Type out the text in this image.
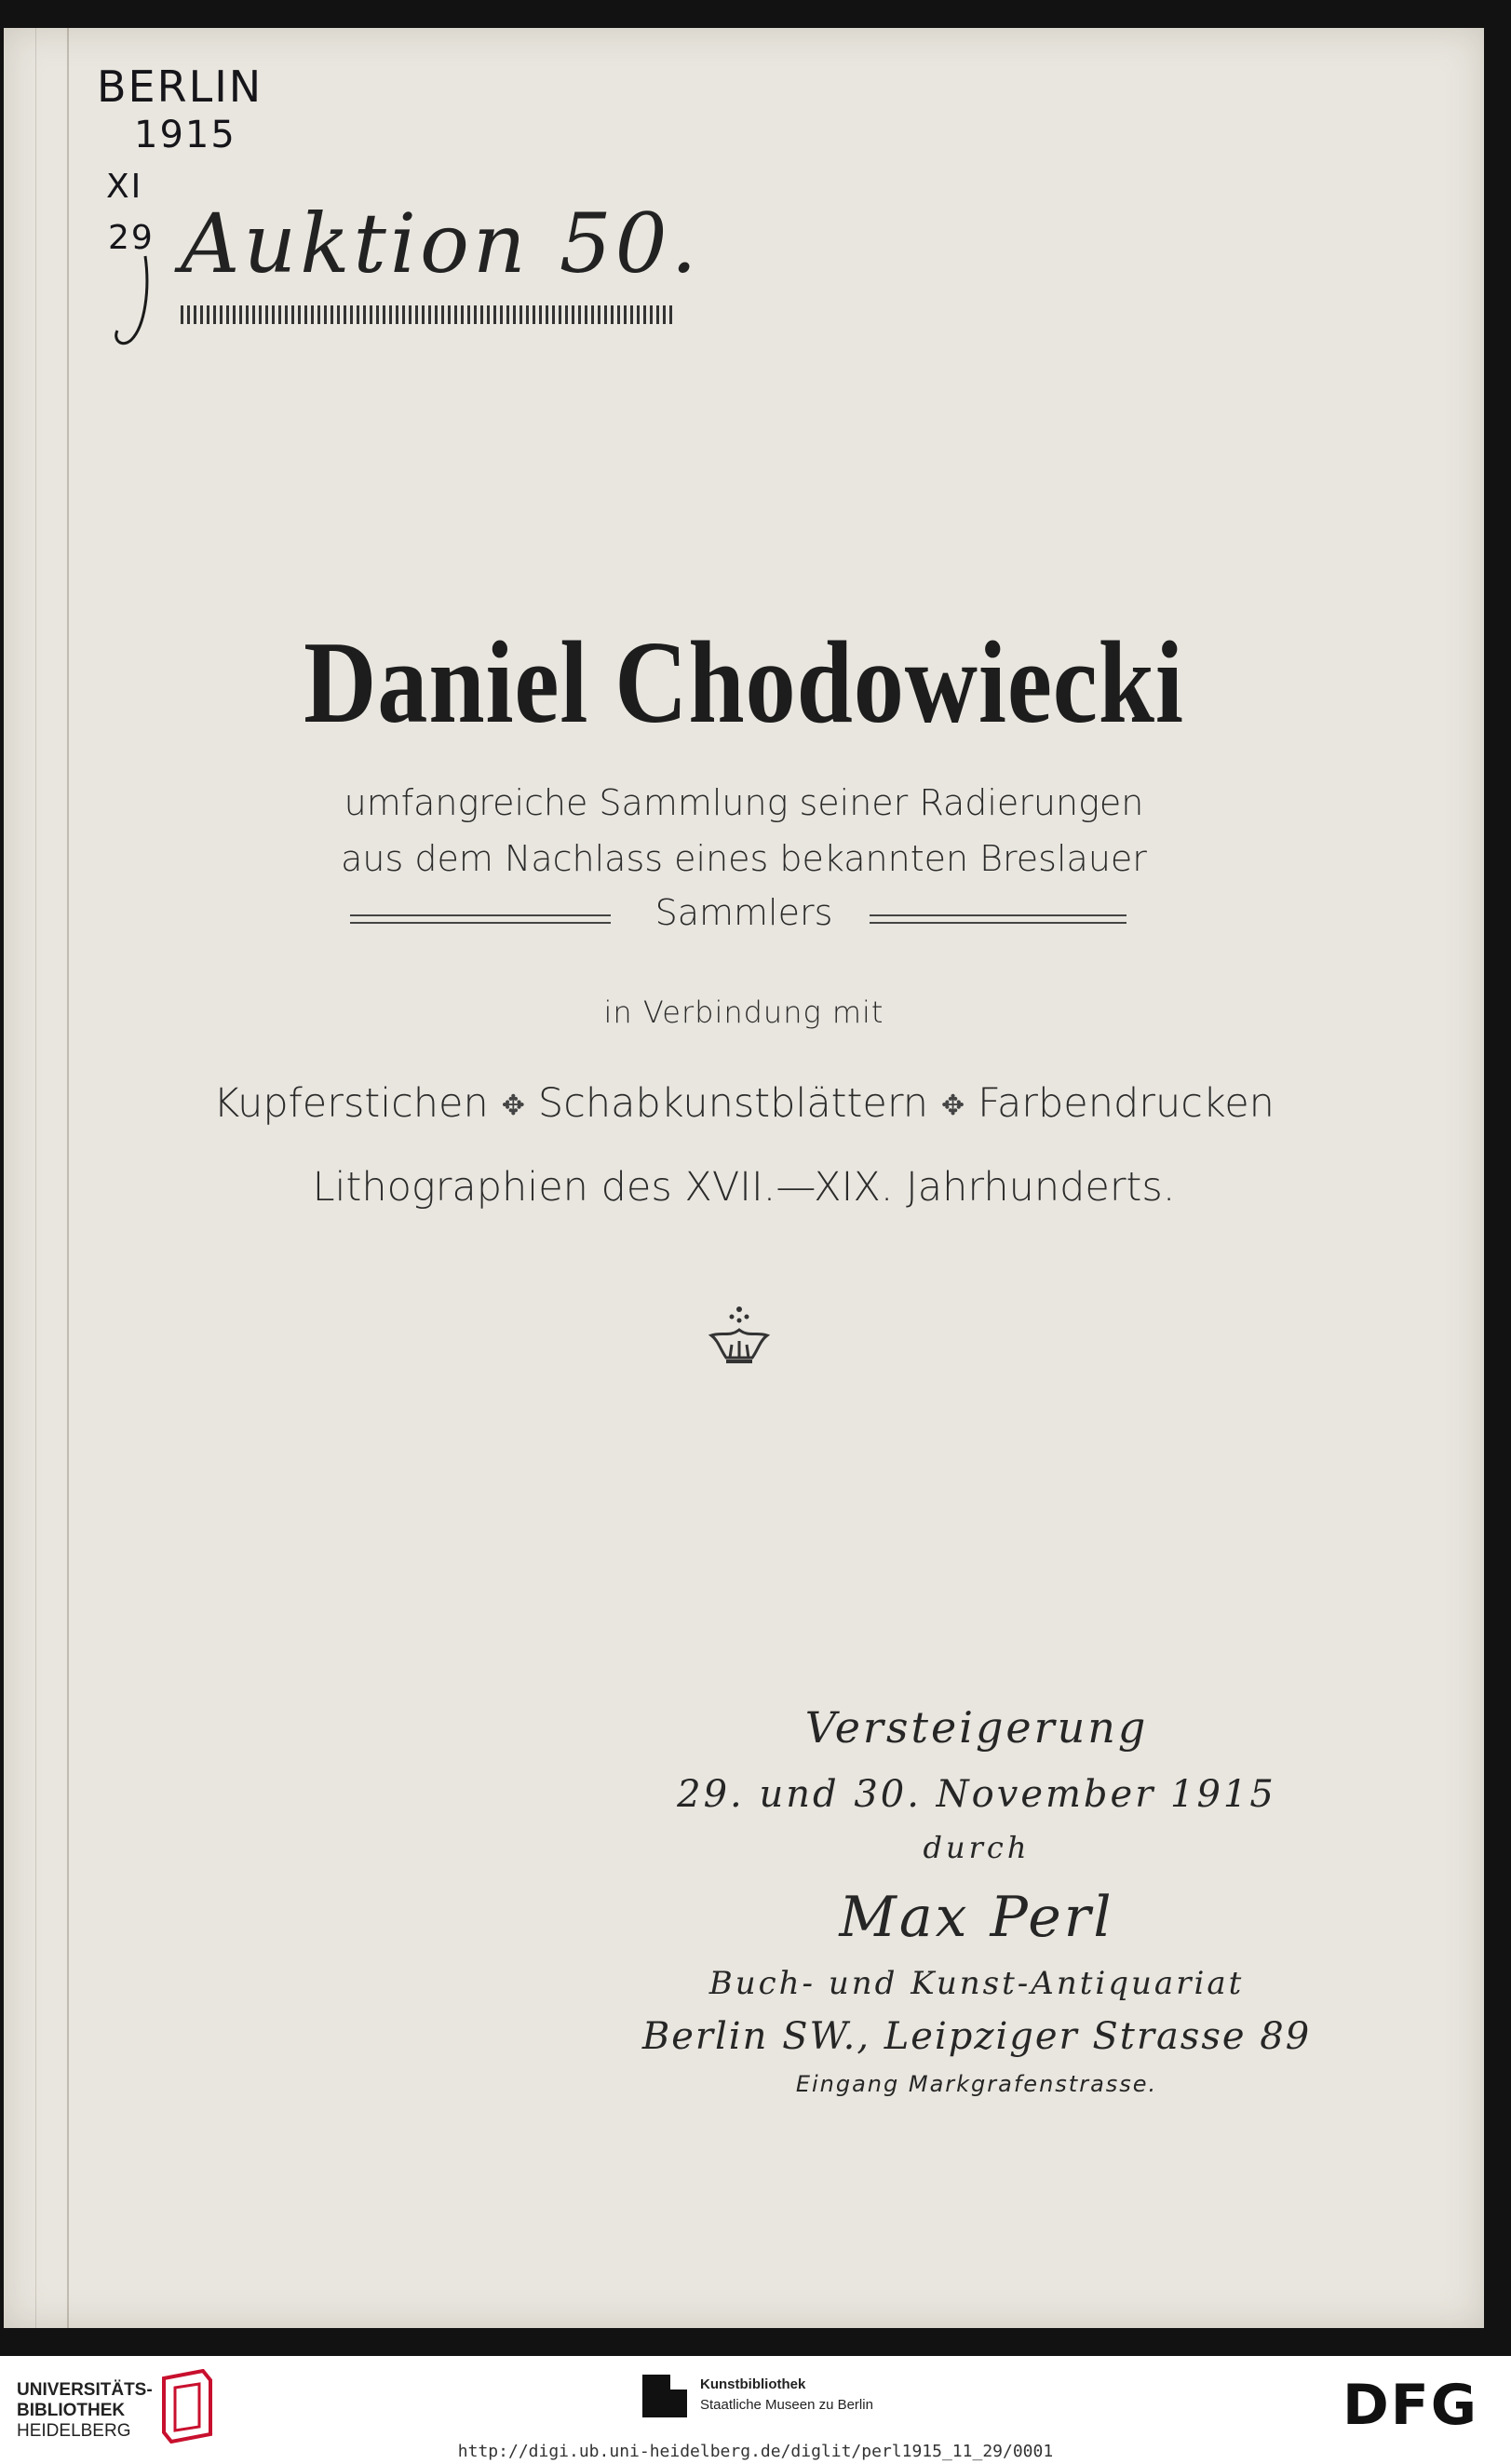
BERLIN
1915
XI
29 Auktion 50.
Daniel Chodowiecki
umfangreiche Sammlung seiner Radierungen
aus dem Nachlass eines bekannten Breslauer
Sammlers
in Verbindung mit
Kupferstichen ✥ Schabkunstblättern ✥ Farbendrucken
Lithographien des XVII.—XIX. Jahrhunderts.
Versteigerung
29. und 30. November 1915
durch
Max Perl
Buch- und Kunst-Antiquariat
Berlin SW., Leipziger Strasse 89
Eingang Markgrafenstrasse.
UNIVERSITÄTS-
BIBLIOTHEK
HEIDELBERG
Kunstbibliothek
Staatliche Museen zu Berlin	DFG
http://digi.ub.uni-heidelberg.de/diglit/perl1915_11_29/0001
